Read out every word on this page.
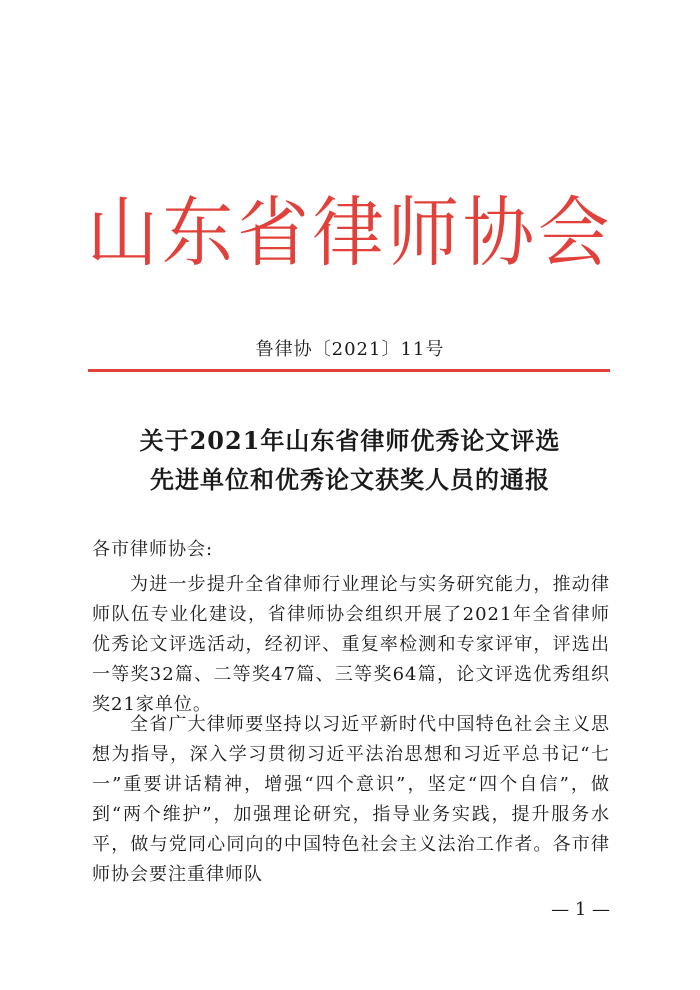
山东省律师协会
鲁律协〔2021〕11号
关于2021年山东省律师优秀论文评选
先进单位和优秀论文获奖人员的通报
各市律师协会:
为进一步提升全省律师行业理论与实务研究能力，推动律师队伍专业化建设，省律师协会组织开展了2021年全省律师优秀论文评选活动，经初评、重复率检测和专家评审，评选出一等奖32篇、二等奖47篇、三等奖64篇，论文评选优秀组织奖21家单位。
全省广大律师要坚持以习近平新时代中国特色社会主义思想为指导，深入学习贯彻习近平法治思想和习近平总书记“七一”重要讲话精神，增强“四个意识”，坚定“四个自信”，做到“两个维护”，加强理论研究，指导业务实践，提升服务水平，做与党同心同向的中国特色社会主义法治工作者。各市律师协会要注重律师队
— 1 —
